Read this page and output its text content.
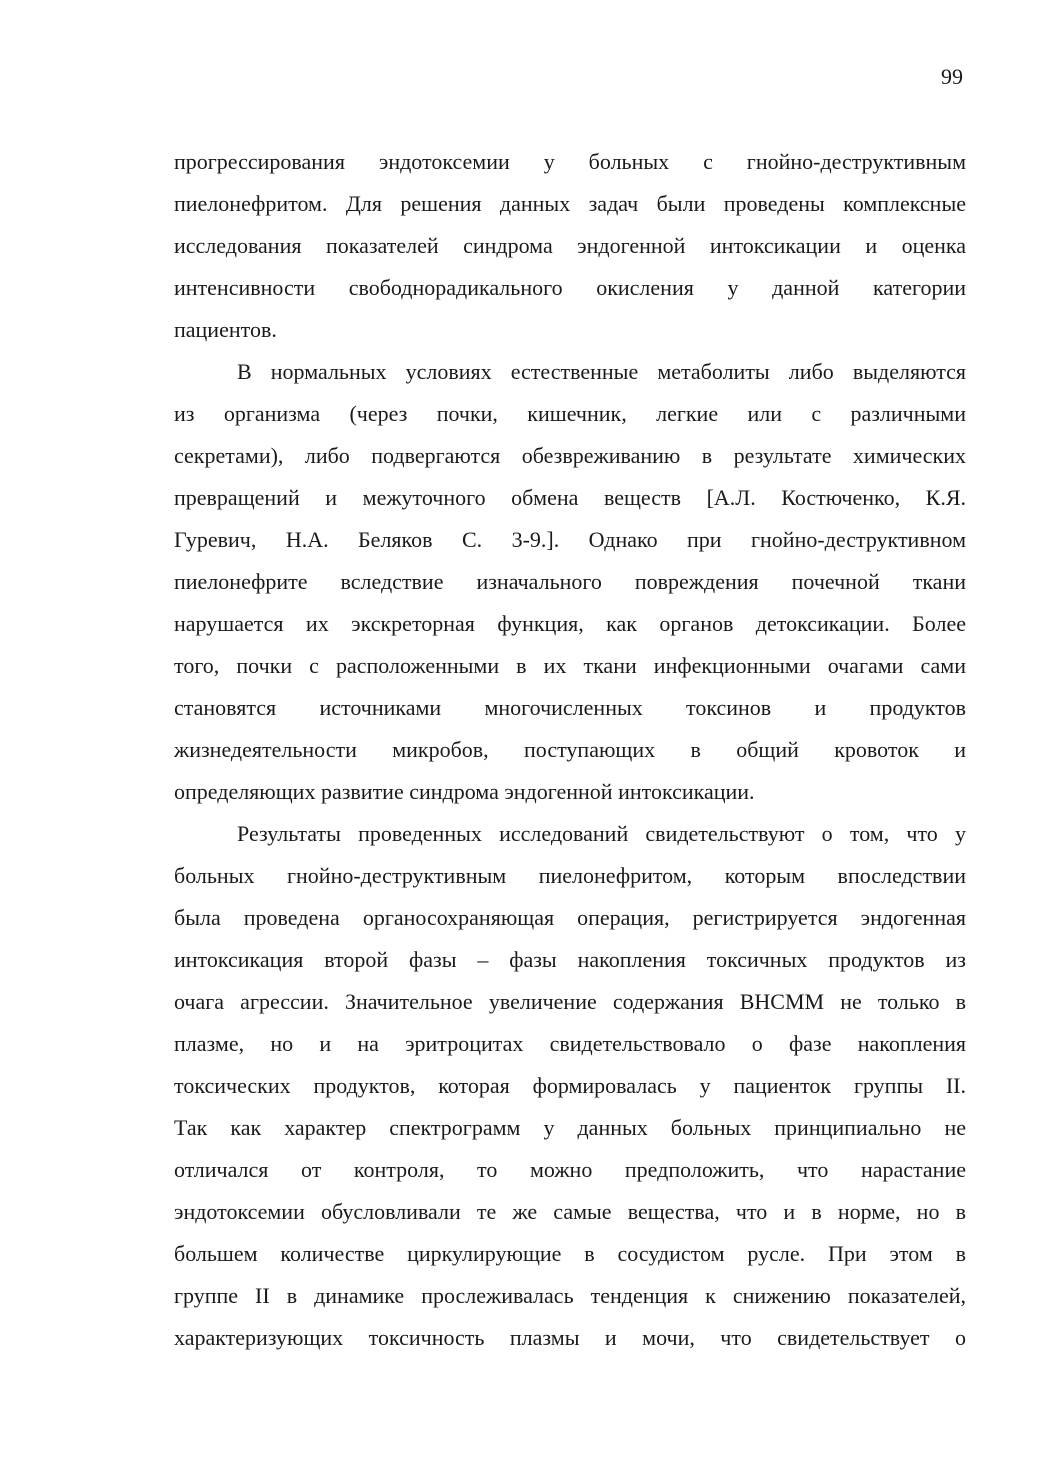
99
прогрессирования эндотоксемии у больных с гнойно-деструктивным
пиелонефритом. Для решения данных задач были проведены комплексные
исследования показателей синдрома эндогенной интоксикации и оценка
интенсивности свободнорадикального окисления у данной категории
пациентов.
В нормальных условиях естественные метаболиты либо выделяются
из организма (через почки, кишечник, легкие или с различными
секретами), либо подвергаются обезвреживанию в результате химических
превращений и межуточного обмена веществ [А.Л. Костюченко, К.Я.
Гуревич, Н.А. Беляков С. 3-9.]. Однако при гнойно-деструктивном
пиелонефрите вследствие изначального повреждения почечной ткани
нарушается их экскреторная функция, как органов детоксикации. Более
того, почки с расположенными в их ткани инфекционными очагами сами
становятся источниками многочисленных токсинов и продуктов
жизнедеятельности микробов, поступающих в общий кровоток и
определяющих развитие синдрома эндогенной интоксикации.
Результаты проведенных исследований свидетельствуют о том, что у
больных гнойно-деструктивным пиелонефритом, которым впоследствии
была проведена органосохраняющая операция, регистрируется эндогенная
интоксикация второй фазы – фазы накопления токсичных продуктов из
очага агрессии. Значительное увеличение содержания ВНСММ не только в
плазме, но и на эритроцитах свидетельствовало о фазе накопления
токсических продуктов, которая формировалась у пациенток группы II.
Так как характер спектрограмм у данных больных принципиально не
отличался от контроля, то можно предположить, что нарастание
эндотоксемии обусловливали те же самые вещества, что и в норме, но в
большем количестве циркулирующие в сосудистом русле. При этом в
группе II в динамике прослеживалась тенденция к снижению показателей,
характеризующих токсичность плазмы и мочи, что свидетельствует о
